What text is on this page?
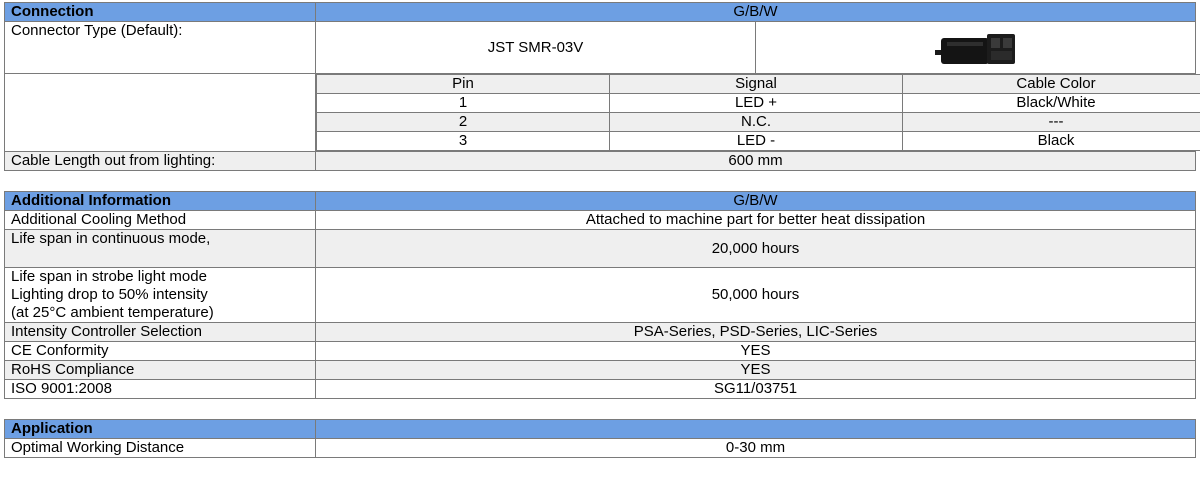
Connection	G/B/W
Connector Type (Default):	JST SMR-03V	

Pin	Signal	Cable Color
1	LED +	Black/White
2	N.C.	---
3	LED -	Black

Cable Length out from lighting:	600 mm
Additional Information	G/B/W
Additional Cooling Method	Attached to machine part for better heat dissipation
Life span in continuous mode,	20,000 hours

Life span in strobe light mode
Lighting drop to 50% intensity
(at 25°C ambient temperature)	50,000 hours
Intensity Controller Selection	PSA-Series, PSD-Series, LIC-Series
CE Conformity	YES
RoHS Compliance	YES
ISO 9001:2008	SG11/03751
Application	
Optimal Working Distance	0-30 mm
